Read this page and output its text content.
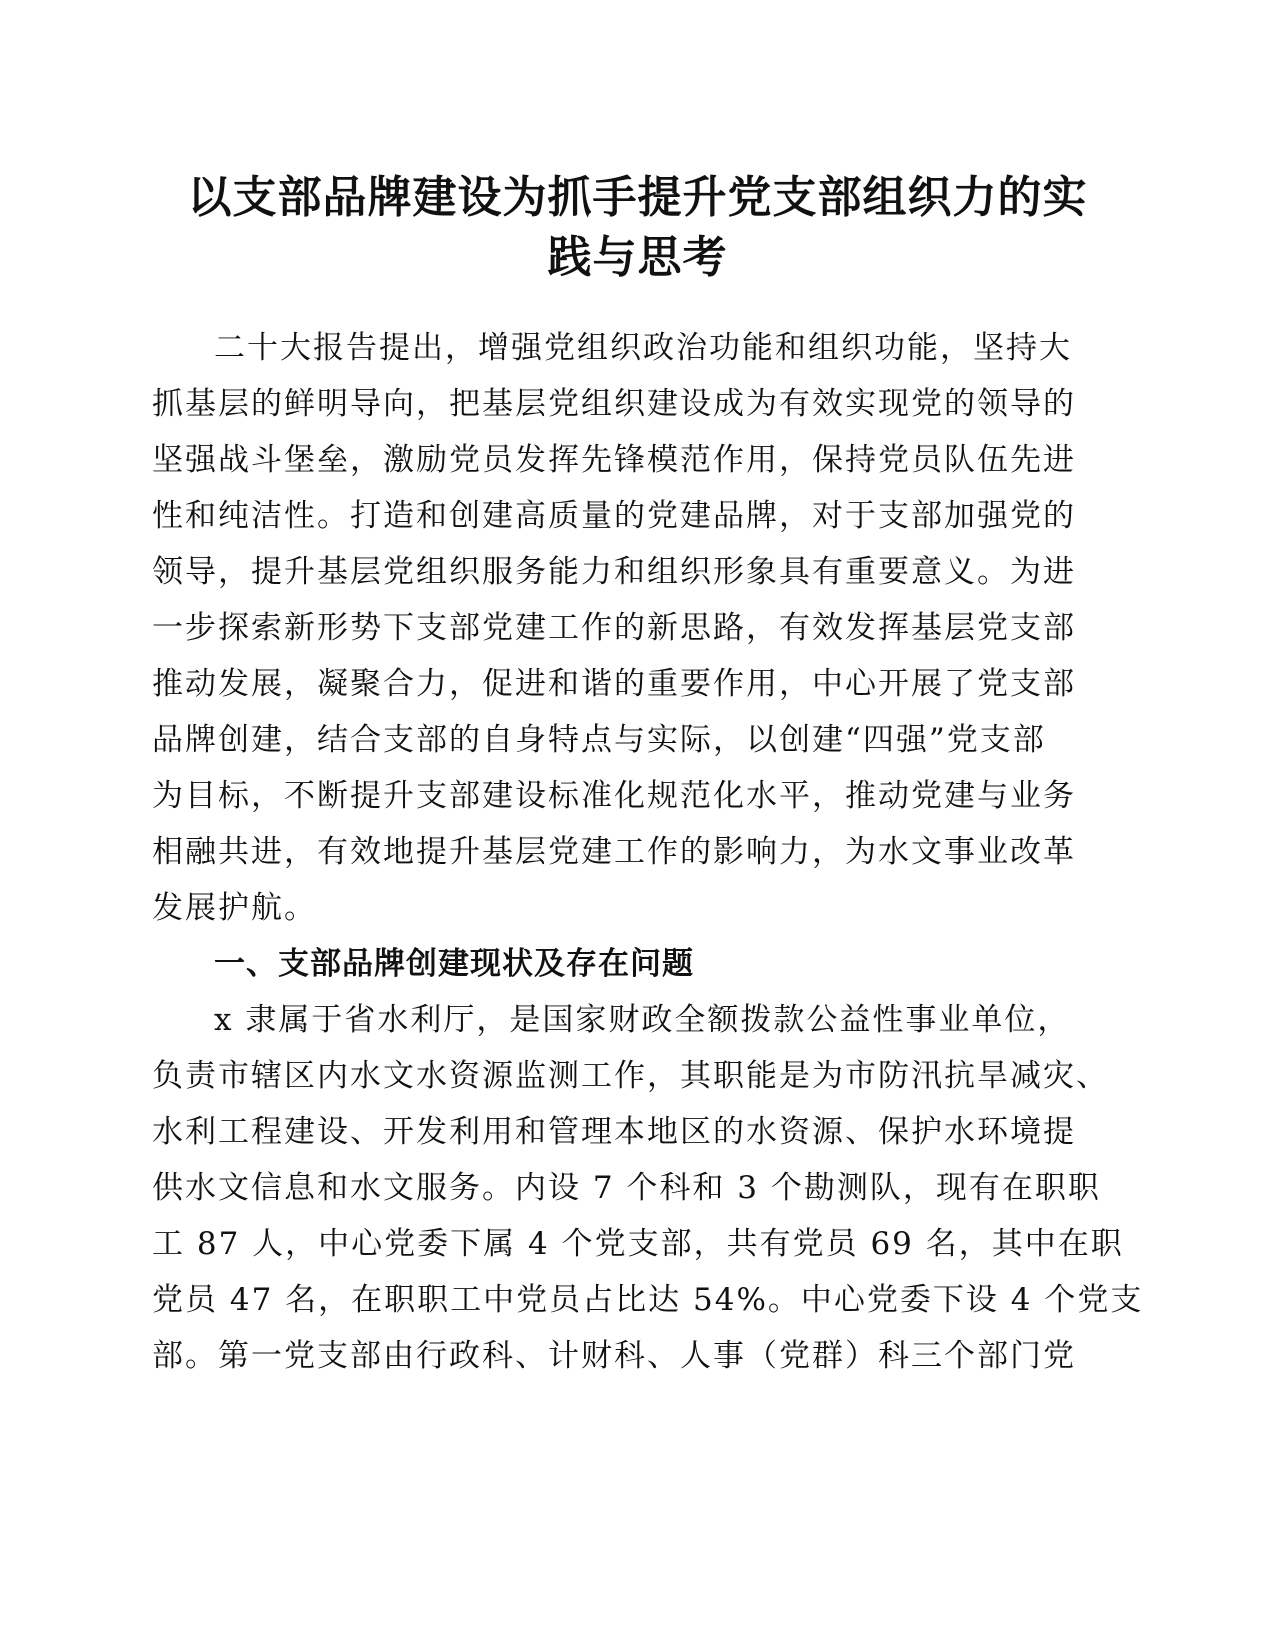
以支部品牌建设为抓手提升党支部组织力的实
践与思考
二十大报告提出，增强党组织政治功能和组织功能，坚持大
抓基层的鲜明导向，把基层党组织建设成为有效实现党的领导的
坚强战斗堡垒，激励党员发挥先锋模范作用，保持党员队伍先进
性和纯洁性。打造和创建高质量的党建品牌，对于支部加强党的
领导，提升基层党组织服务能力和组织形象具有重要意义。为进
一步探索新形势下支部党建工作的新思路，有效发挥基层党支部
推动发展，凝聚合力，促进和谐的重要作用，中心开展了党支部
品牌创建，结合支部的自身特点与实际，以创建“四强”党支部
为目标，不断提升支部建设标准化规范化水平，推动党建与业务
相融共进，有效地提升基层党建工作的影响力，为水文事业改革
发展护航。
一、支部品牌创建现状及存在问题
x 隶属于省水利厅，是国家财政全额拨款公益性事业单位，
负责市辖区内水文水资源监测工作，其职能是为市防汛抗旱减灾、
水利工程建设、开发利用和管理本地区的水资源、保护水环境提
供水文信息和水文服务。内设 7 个科和 3 个勘测队，现有在职职
工 87 人，中心党委下属 4 个党支部，共有党员 69 名，其中在职
党员 47 名，在职职工中党员占比达 54%。中心党委下设 4 个党支
部。第一党支部由行政科、计财科、人事（党群）科三个部门党
